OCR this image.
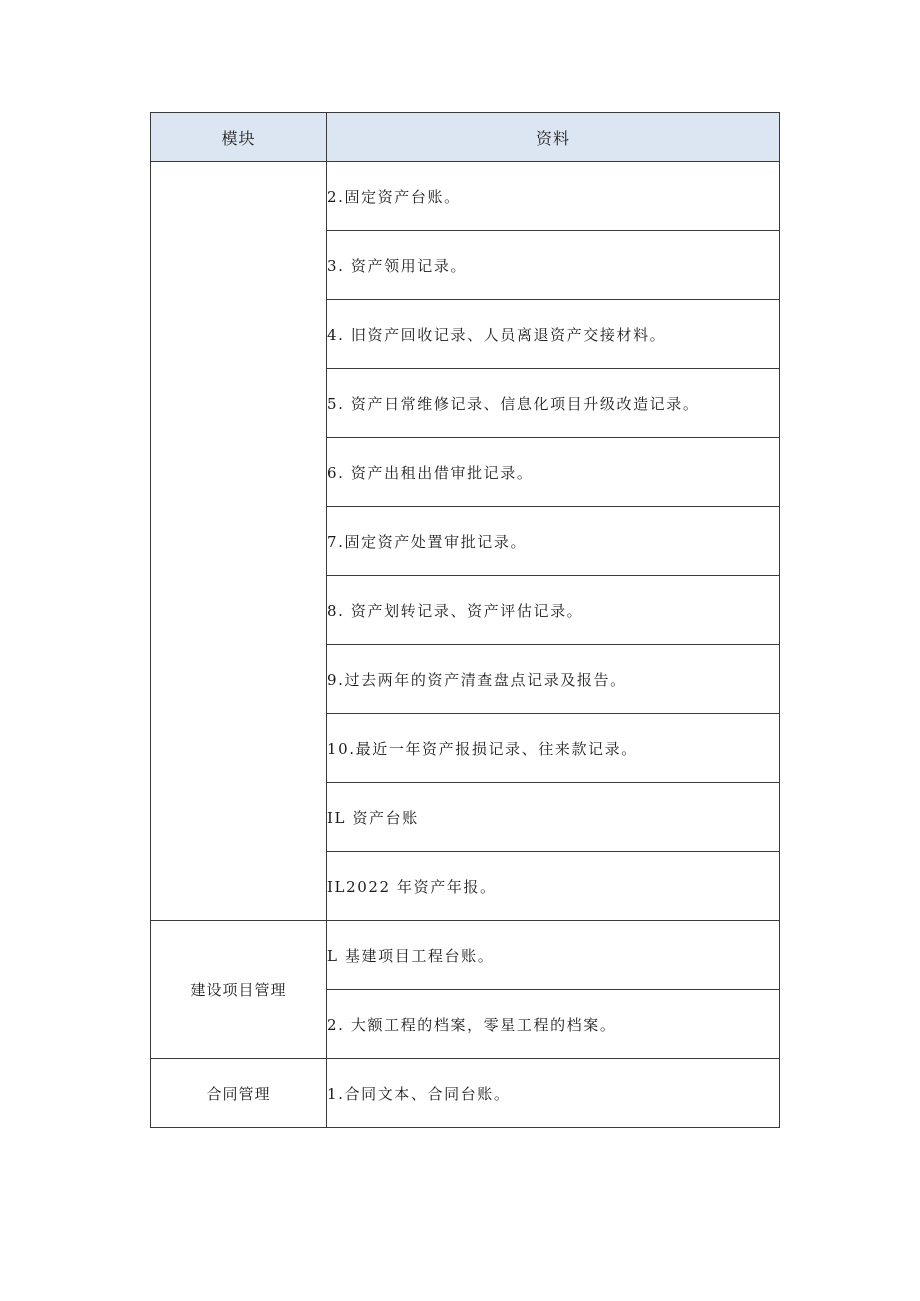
模块	资料
	2.固定资产台账。
	3. 资产领用记录。
	4. 旧资产回收记录、人员离退资产交接材料。
	5. 资产日常维修记录、信息化项目升级改造记录。
	6. 资产出租出借审批记录。
	7.固定资产处置审批记录。
	8. 资产划转记录、资产评估记录。
	9.过去两年的资产清查盘点记录及报告。
	10.最近一年资产报损记录、往来款记录。
	IL 资产台账
	IL2022 年资产年报。
建设项目管理	L 基建项目工程台账。
	2. 大额工程的档案，零星工程的档案。
合同管理	1.合同文本、合同台账。
